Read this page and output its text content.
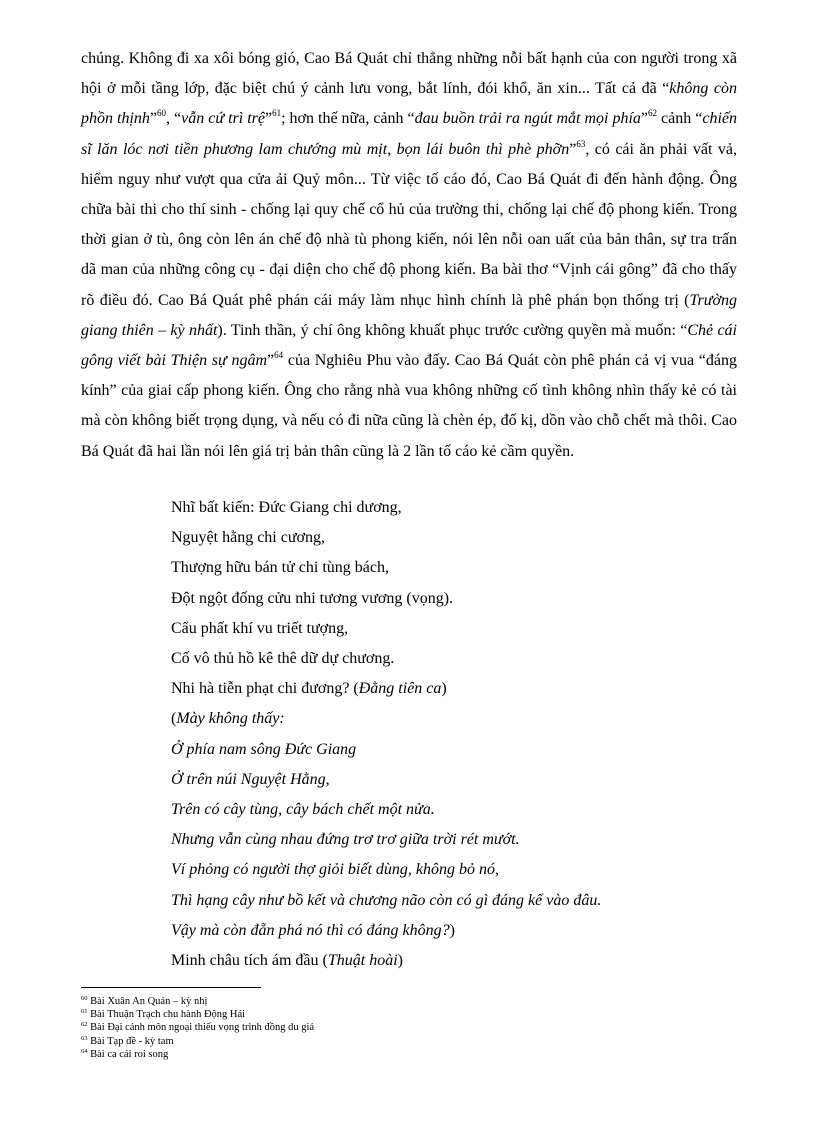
chúng. Không đi xa xôi bóng gió, Cao Bá Quát chỉ thẳng những nỗi bất hạnh của con người trong xã hội ở mỗi tầng lớp, đặc biệt chú ý cảnh lưu vong, bắt lính, đói khổ, ăn xin... Tất cả đã “không còn phồn thịnh”$^{60}$, “vẫn cứ trì trệ”$^{61}$; hơn thế nữa, cảnh “đau buồn trải ra ngút mắt mọi phía”$^{62}$ cảnh “chiến sĩ lăn lóc nơi tiền phương lam chướng mù mịt, bọn lái buôn thì phè phỡn”$^{63}$, có cái ăn phải vất vả, hiểm nguy như vượt qua cửa ải Quỷ môn... Từ việc tố cáo đó, Cao Bá Quát đi đến hành động. Ông chữa bài thi cho thí sinh - chống lại quy chế cổ hủ của trường thi, chống lại chế độ phong kiến. Trong thời gian ở tù, ông còn lên án chế độ nhà tù phong kiến, nói lên nỗi oan uất của bản thân, sự tra trấn dã man của những công cụ - đại diện cho chế độ phong kiến. Ba bài thơ “Vịnh cái gông” đã cho thấy rõ điều đó. Cao Bá Quát phê phán cái máy làm nhục hình chính là phê phán bọn thống trị (Trường giang thiên – kỳ nhất). Tinh thần, ý chí ông không khuất phục trước cường quyền mà muốn: “Chẻ cái gông viết bài Thiện sự ngâm”$^{64}$ của Nghiêu Phu vào đấy. Cao Bá Quát còn phê phán cả vị vua “đáng kính” của giai cấp phong kiến. Ông cho rằng nhà vua không những cố tình không nhìn thấy kẻ có tài mà còn không biết trọng dụng, và nếu có đi nữa cũng là chèn ép, đố kị, dồn vào chỗ chết mà thôi. Cao Bá Quát đã hai lần nói lên giá trị bản thân cũng là 2 lần tố cáo kẻ cầm quyền.

Nhĩ bất kiến: Đức Giang chi dương,
Nguyệt hằng chi cương,
Thượng hữu bán tử chi tùng bách,
Đột ngột đống cửu nhi tương vương (vọng).
Cẩu phất khí vu triết tượng,
Cố vô thủ hồ kê thê dữ dự chương.
Nhi hà tiễn phạt chi đương? (Đằng tiên ca)
(Mày không thấy:
Ở phía nam sông Đức Giang
Ở trên núi Nguyệt Hằng,
Trên có cây tùng, cây bách chết một nửa.
Nhưng vẫn cùng nhau đứng trơ trơ giữa trời rét mướt.
Ví phỏng có người thợ giỏi biết dùng, không bỏ nó,
Thì hạng cây như bồ kết và chương não còn có gì đáng kể vào đâu.
Vậy mà còn đẵn phá nó thì có đáng không?)
Minh châu tích ám đầu (Thuật hoài)
$^{60}$ Bài Xuân An Quán – kỳ nhị
$^{61}$ Bài Thuận Trạch chu hành Động Hải
$^{62}$ Bài Đại cảnh môn ngoại thiếu vọng trình đồng du giả
$^{63}$ Bài Tạp đề - kỳ tam
$^{64}$ Bài ca cái roi song
